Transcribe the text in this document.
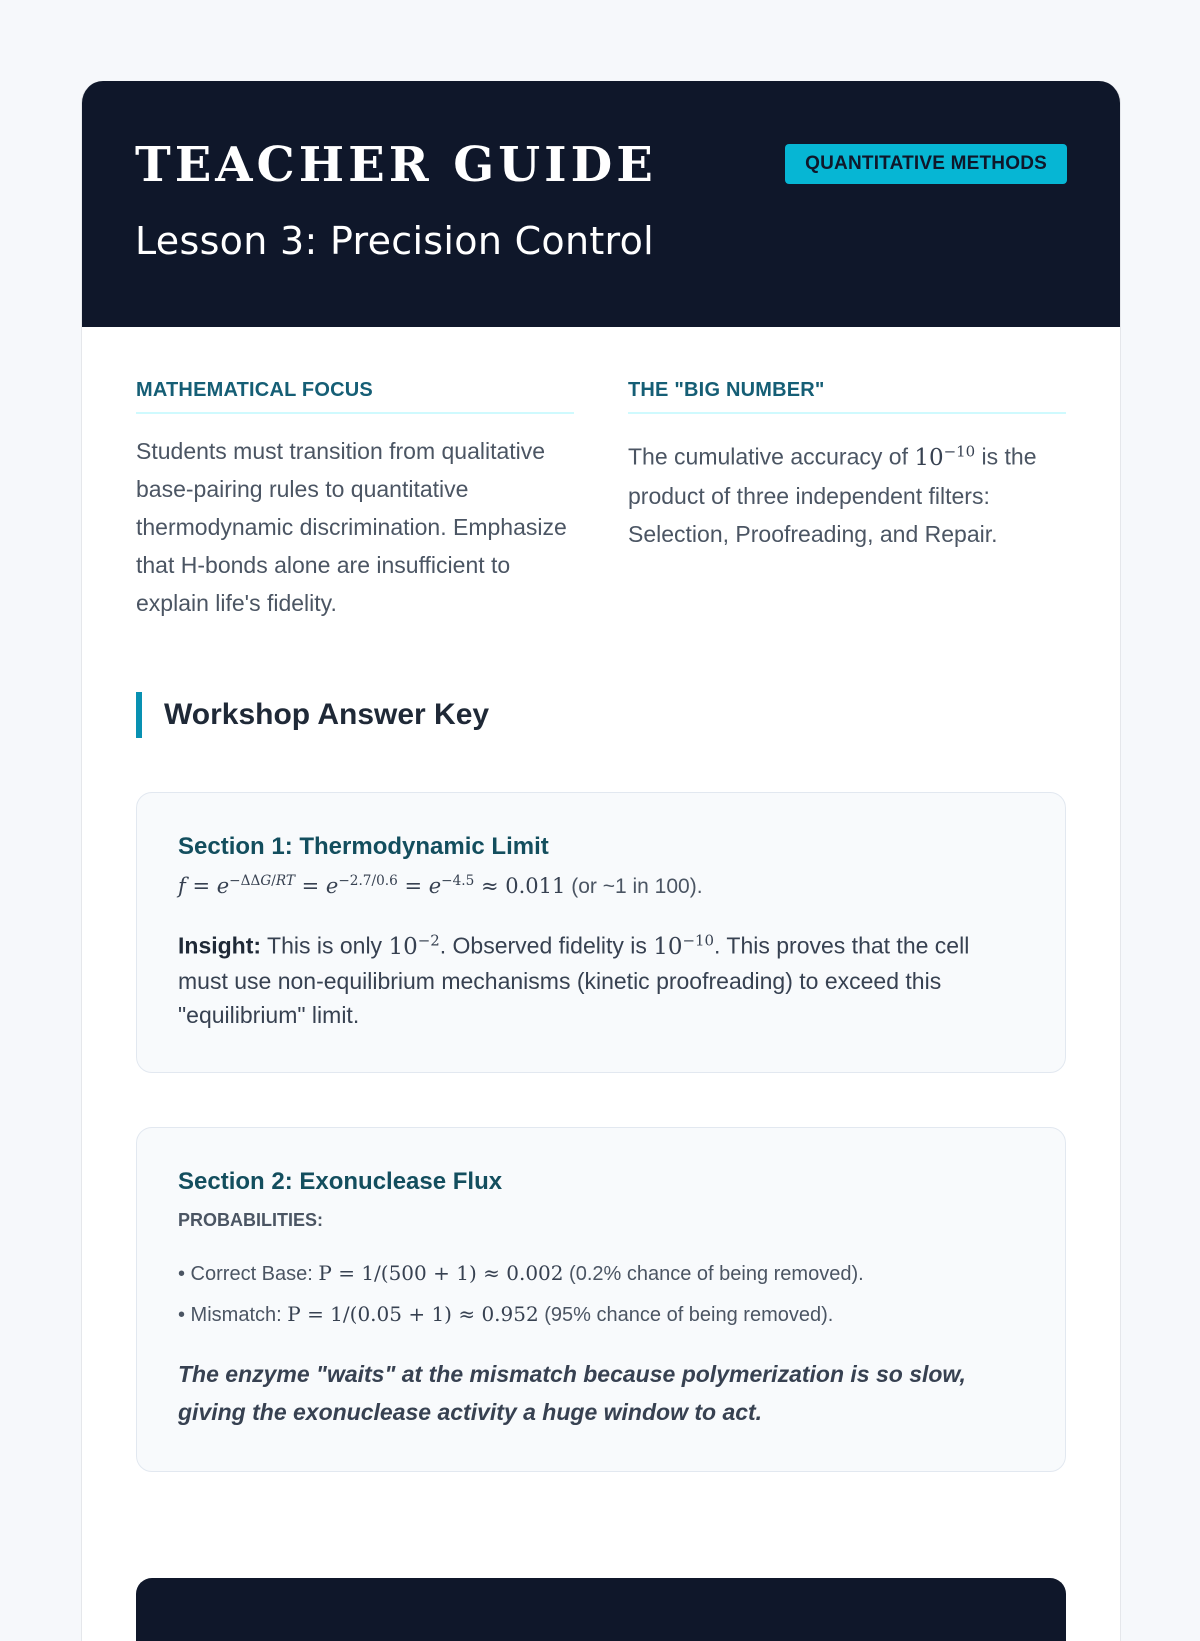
TEACHER GUIDE	QUANTITATIVE METHODS
Lesson 3: Precision Control
MATHEMATICAL FOCUS
Students must transition from qualitative base-pairing rules to quantitative thermodynamic discrimination. Emphasize that H-bonds alone are insufficient to explain life's fidelity.
THE "BIG NUMBER"
The cumulative accuracy of $10^{-10}$ is the product of three independent filters: Selection, Proofreading, and Repair.
Workshop Answer Key
Section 1: Thermodynamic Limit
$f = e^{-\Delta\Delta G/RT} = e^{-2.7/0.6} = e^{-4.5} \approx 0.011$ (or ~1 in 100).
Insight: This is only $10^{-2}$. Observed fidelity is $10^{-10}$. This proves that the cell must use non-equilibrium mechanisms (kinetic proofreading) to exceed this "equilibrium" limit.
Section 2: Exonuclease Flux
PROBABILITIES:
• Correct Base: P = 1/(500 + 1) ≈ 0.002 (0.2% chance of being removed).
• Mismatch: P = 1/(0.05 + 1) ≈ 0.952 (95% chance of being removed).
The enzyme "waits" at the mismatch because polymerization is so slow, giving the exonuclease activity a huge window to act.
